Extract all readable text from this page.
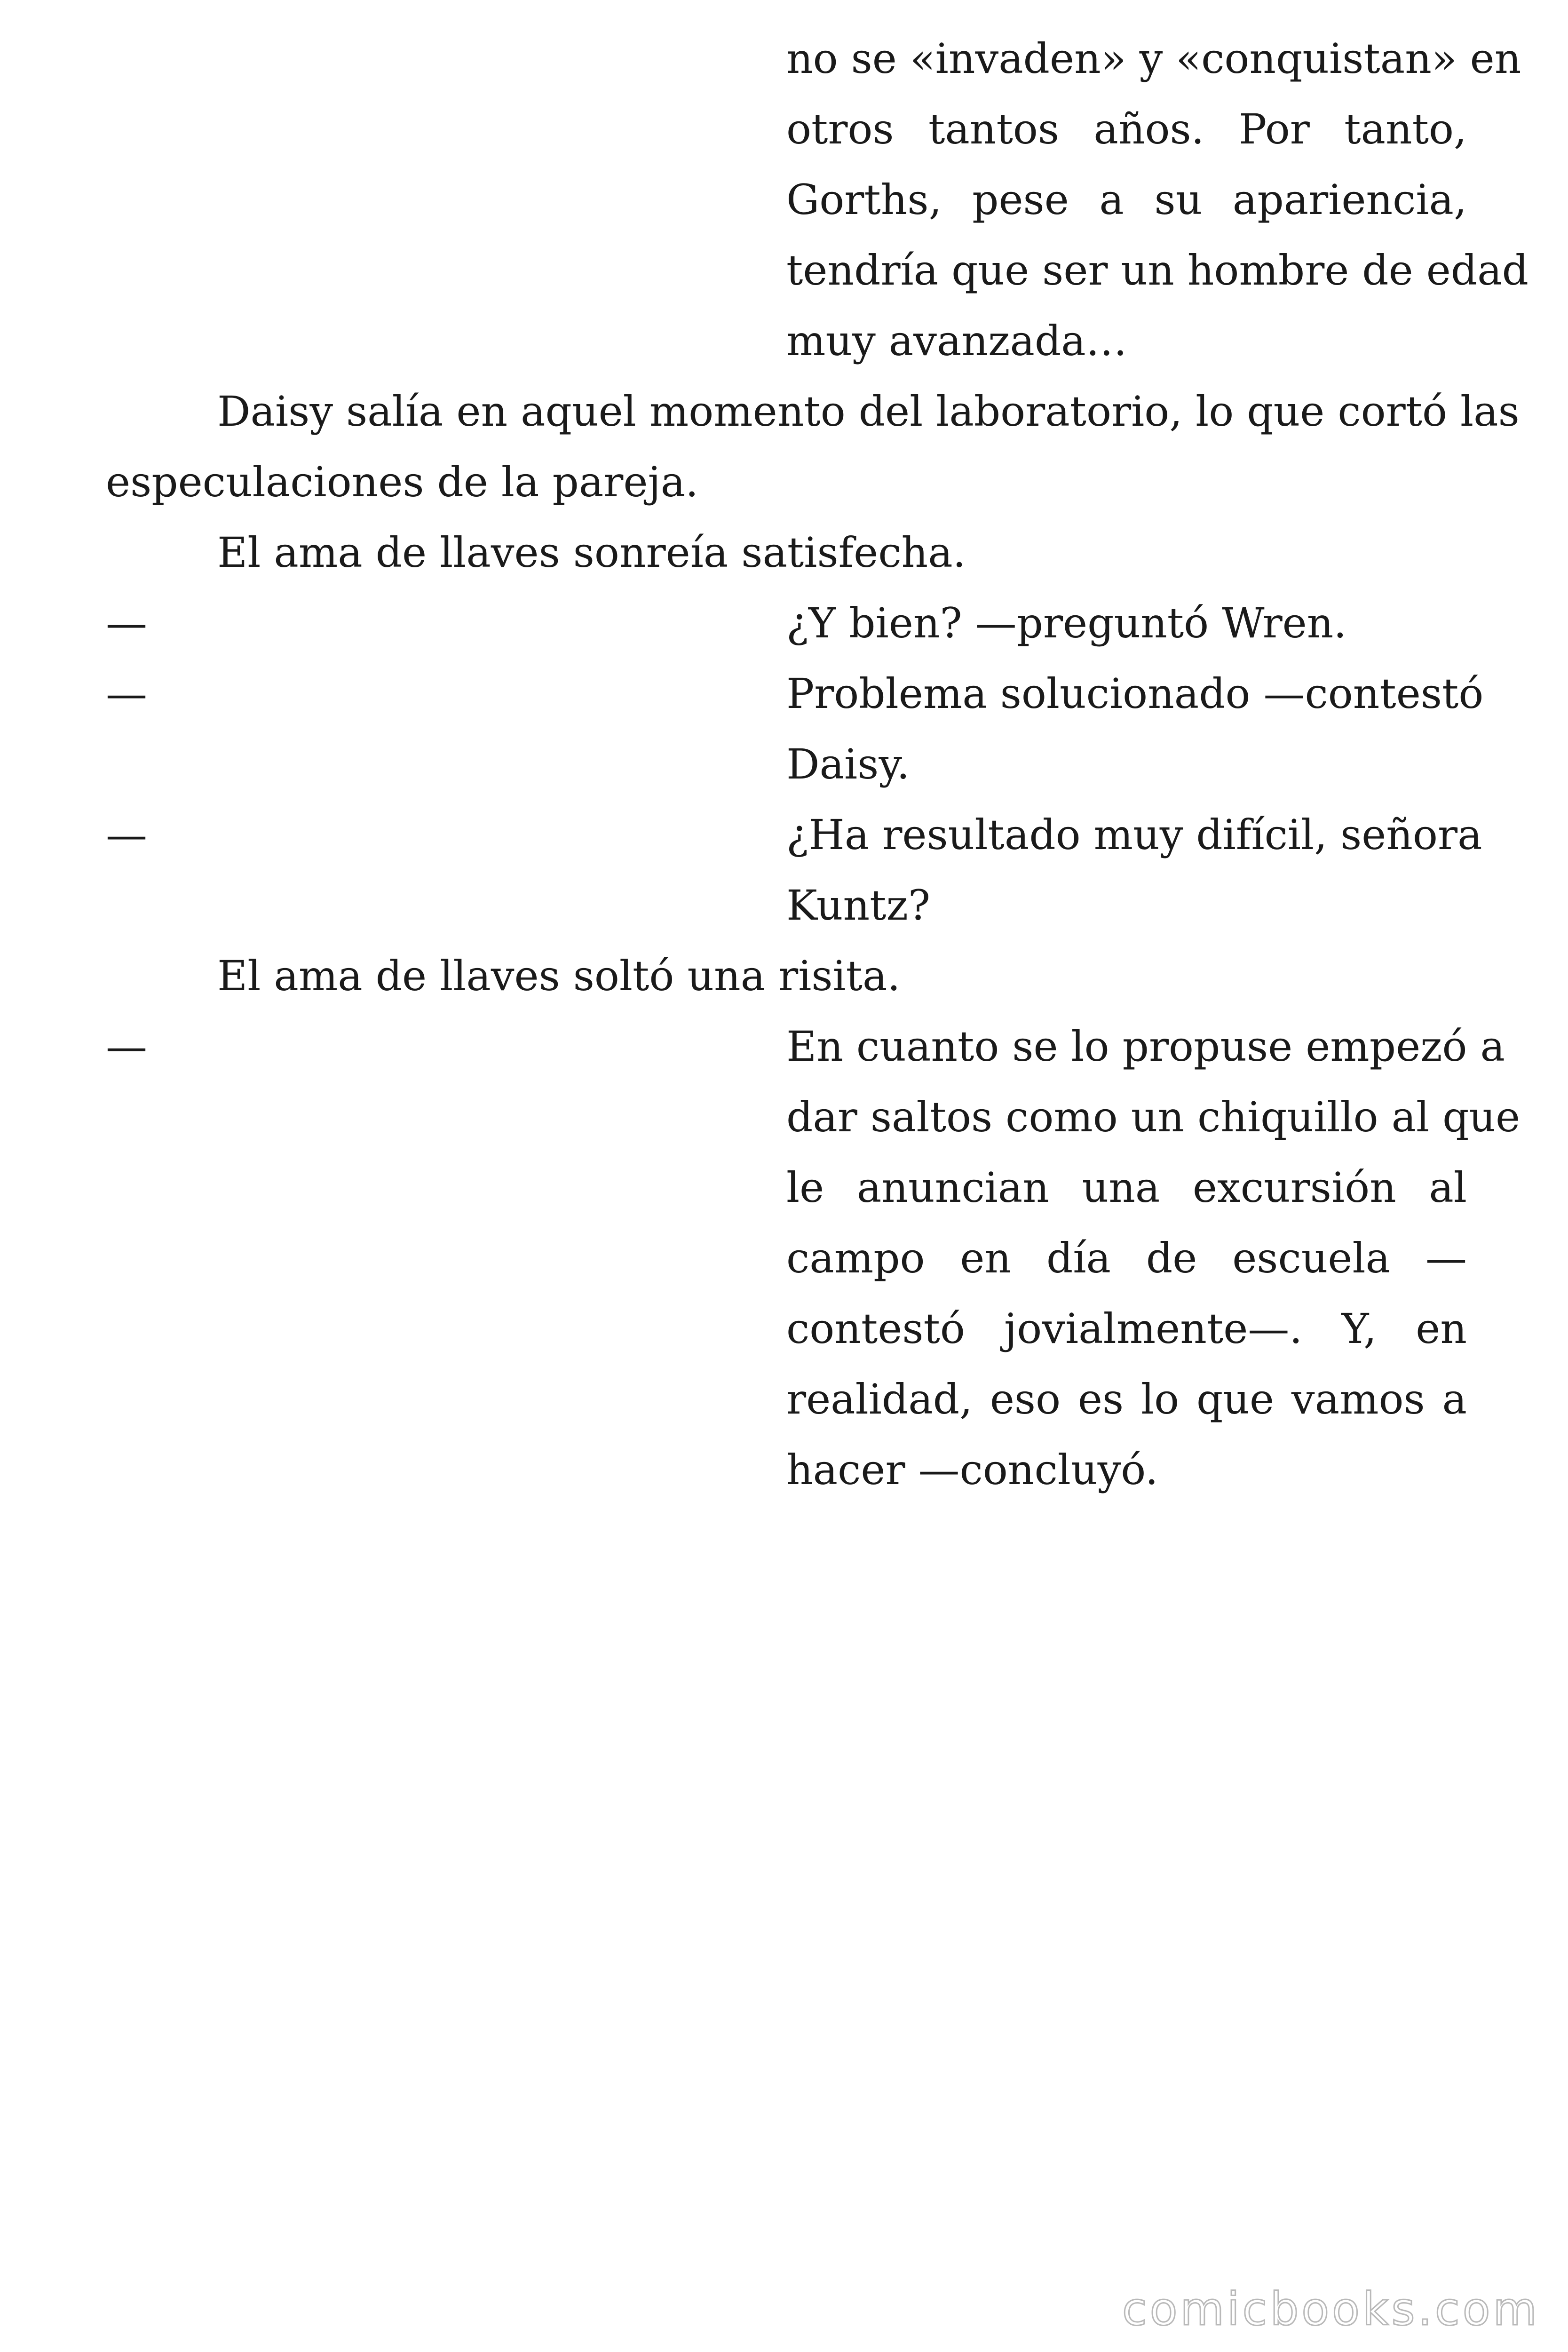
no se «invaden» y «conquistan» en
otros tantos años. Por tanto,
Gorths, pese a su apariencia,
tendría que ser un hombre de edad
muy avanzada…
Daisy salía en aquel momento del laboratorio, lo que cortó las
especulaciones de la pareja.
El ama de llaves sonreía satisfecha.
—	¿Y bien? —preguntó Wren.
—	Problema solucionado —contestó
Daisy.
—	¿Ha resultado muy difícil, señora
Kuntz?
El ama de llaves soltó una risita.
—	En cuanto se lo propuse empezó a
dar saltos como un chiquillo al que
le anuncian una excursión al
campo en día de escuela —
contestó jovialmente—. Y, en
realidad, eso es lo que vamos a
hacer —concluyó.
comicbooks.com
